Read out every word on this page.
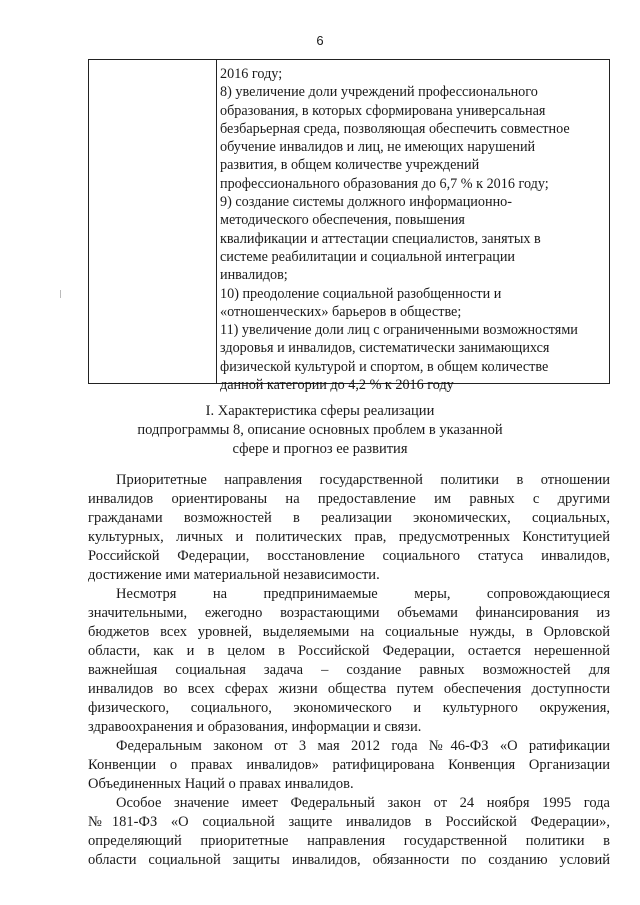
6
2016 году;
8) увеличение доли учреждений профессионального
образования, в которых сформирована универсальная
безбарьерная среда, позволяющая обеспечить совместное
обучение инвалидов и лиц, не имеющих нарушений
развития, в общем количестве учреждений
профессионального образования до 6,7 % к 2016 году;
9) создание системы должного информационно-
методического обеспечения, повышения
квалификации и аттестации специалистов, занятых в
системе реабилитации и социальной интеграции
инвалидов;
10) преодоление социальной разобщенности и
«отношенческих» барьеров в обществе;
11) увеличение доли лиц с ограниченными возможностями
здоровья и инвалидов, систематически занимающихся
физической культурой и спортом, в общем количестве
данной категории до 4,2 % к 2016 году
I. Характеристика сферы реализации
подпрограммы 8, описание основных проблем в указанной
сфере и прогноз ее развития
Приоритетные направления государственной политики в отношении
инвалидов ориентированы на предоставление им равных с другими
гражданами возможностей в реализации экономических, социальных,
культурных, личных и политических прав, предусмотренных Конституцией
Российской Федерации, восстановление социального статуса инвалидов,
достижение ими материальной независимости.
Несмотря на предпринимаемые меры, сопровождающиеся
значительными, ежегодно возрастающими объемами финансирования из
бюджетов всех уровней, выделяемыми на социальные нужды, в Орловской
области, как и в целом в Российской Федерации, остается нерешенной
важнейшая социальная задача – создание равных возможностей для
инвалидов во всех сферах жизни общества путем обеспечения доступности
физического, социального, экономического и культурного окружения,
здравоохранения и образования, информации и связи.
Федеральным законом от 3 мая 2012 года №46-ФЗ «О ратификации
Конвенции о правах инвалидов» ратифицирована Конвенция Организации
Объединенных Наций о правах инвалидов.
Особое значение имеет Федеральный закон от 24 ноября 1995 года
№181-ФЗ «О социальной защите инвалидов в Российской Федерации»,
определяющий приоритетные направления государственной политики в
области социальной защиты инвалидов, обязанности по созданию условий
